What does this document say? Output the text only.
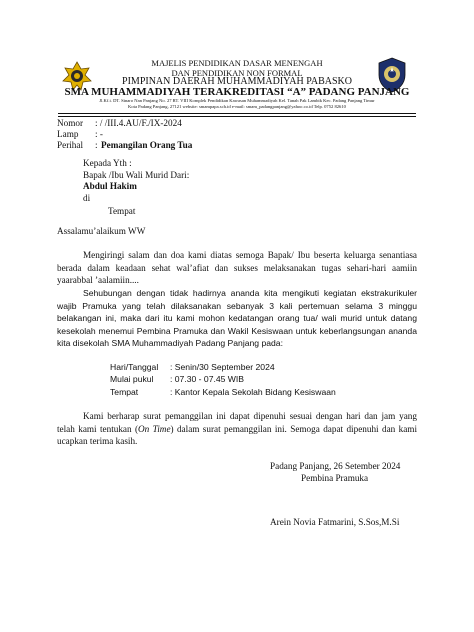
MAJELIS PENDIDIKAN DASAR MENENGAH
DAN PENDIDIKAN NON FORMAL
PIMPINAN DAERAH MUHAMMADIYAH PABASKO
SMA MUHAMMADIYAH TERAKREDITASI “A” PADANG PANJANG
Jl.Kf.i. DT. Sinaro Nan Panjang No. 27 RT. VIII Komplek Pendidikan Kawasan Muhammadiyah Kel. Tanah Pak Lambik Kec. Padang Panjang Timur
Kota Padang Panjang, 27121 website: smampapa.sch.id e-mail: smam_padangpanjang@yahoo.co.id Telp. 0752 82610
Nomor : / /III.4.AU/F./IX-2024
Lamp : -
Perihal : Pemangilan Orang Tua
Kepada Yth :
Bapak /Ibu Wali Murid Dari:
Abdul Hakim
di
Tempat
Assalamu’alaikum WW
Mengiringi salam dan doa kami diatas semoga Bapak/ Ibu beserta keluarga senantiasa berada dalam keadaan sehat wal’afiat dan sukses melaksanakan tugas sehari-hari aamiin yaarabbal ’aalamiin....
Sehubungan dengan tidak hadirnya ananda kita mengikuti kegiatan ekstrakurikuler wajib Pramuka yang telah dilaksanakan sebanyak 3 kali pertemuan selama 3 minggu belakangan ini, maka dari itu kami mohon kedatangan orang tua/ wali murid untuk datang kesekolah menemui Pembina Pramuka dan Wakil Kesiswaan untuk keberlangsungan ananda kita disekolah SMA Muhammadiyah Padang Panjang pada:
Hari/Tanggal : Senin/30 September 2024
Mulai pukul : 07.30 - 07.45 WIB
Tempat	: Kantor Kepala Sekolah Bidang Kesiswaan
Kami berharap surat pemanggilan ini dapat dipenuhi sesuai dengan hari dan jam yang telah kami tentukan (On Time) dalam surat pemanggilan ini. Semoga dapat dipenuhi dan kami ucapkan terima kasih.
Padang Panjang, 26 Setember 2024
Pembina Pramuka
Arein Novia Fatmarini, S.Sos,M.Si
